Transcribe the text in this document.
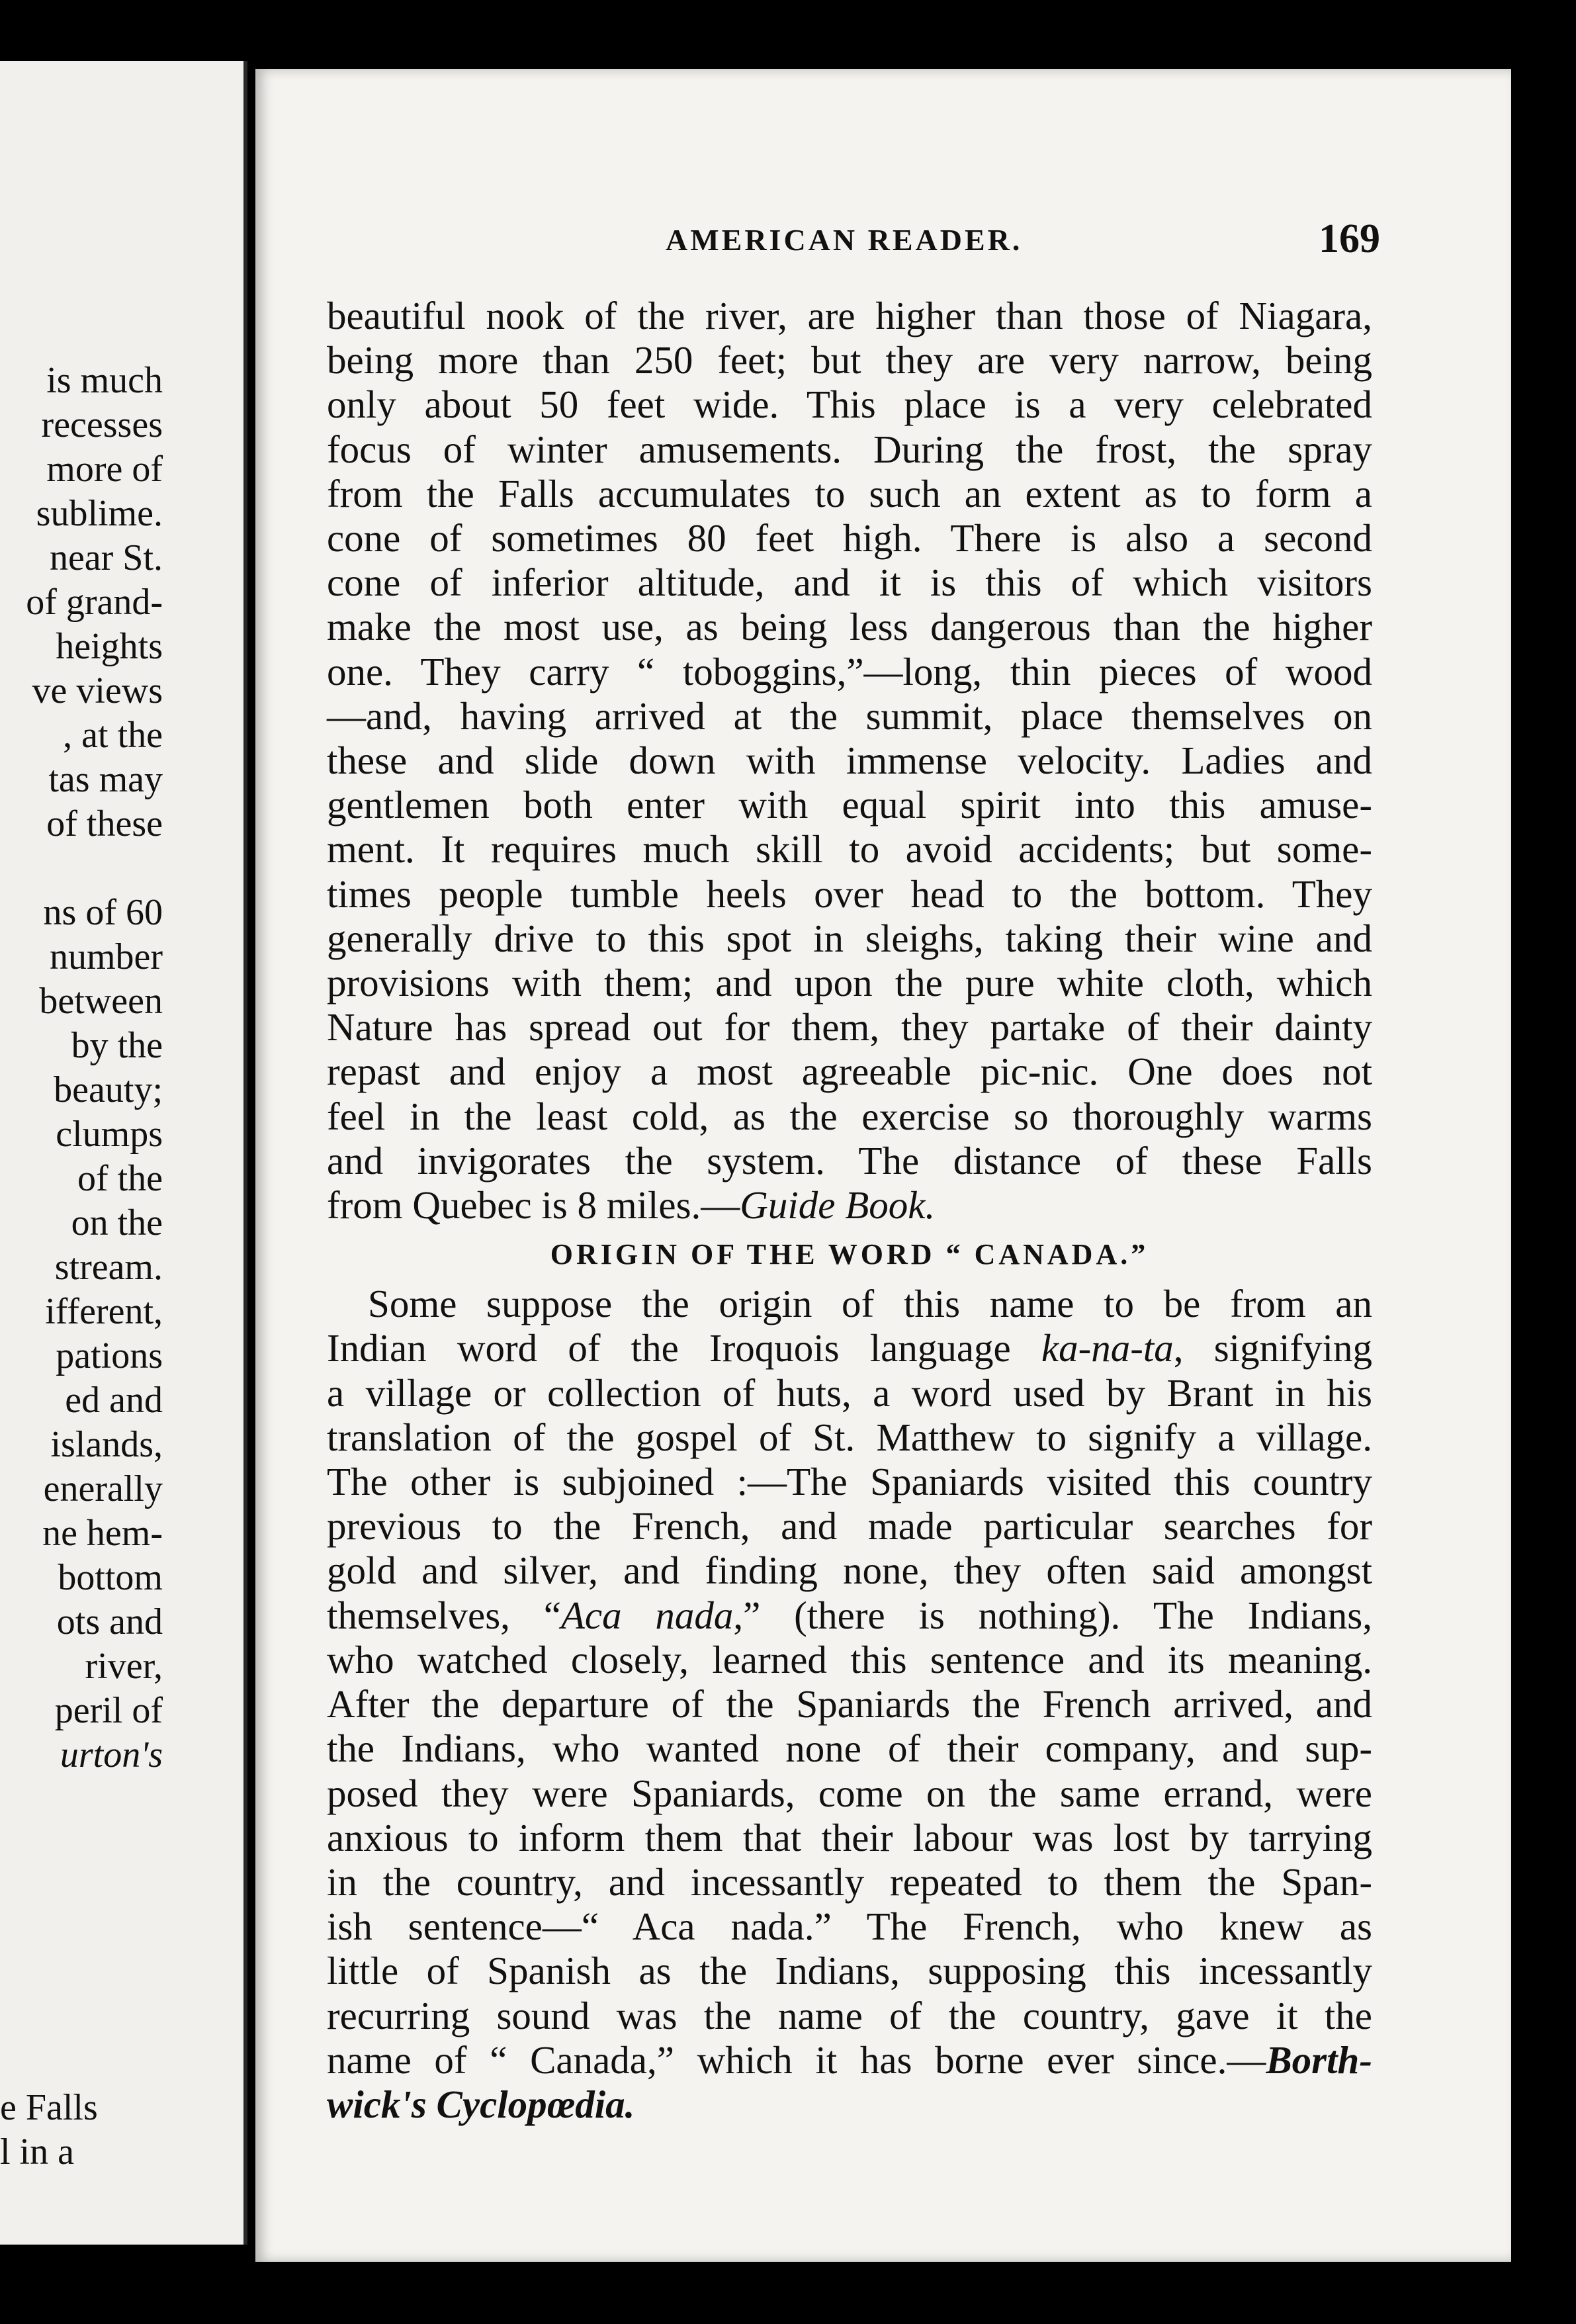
is much
recesses
more of
sublime.
near St.
of grand-
heights
ve views
, at the
tas may
of these

ns of 60
number
between
by the
beauty;
clumps
of the
on the
stream.
ifferent,
pations
ed and
islands,
enerally
ne hem-
bottom
ots and
river,
peril of
urton's
e Falls
l in a
AMERICAN READER.	169
beautiful nook of the river, are higher than those of Niagara,
being more than 250 feet; but they are very narrow, being
only about 50 feet wide. This place is a very celebrated
focus of winter amusements. During the frost, the spray
from the Falls accumulates to such an extent as to form a
cone of sometimes 80 feet high. There is also a second
cone of inferior altitude, and it is this of which visitors
make the most use, as being less dangerous than the higher
one. They carry “ toboggins,”—long, thin pieces of wood
—and, having arrived at the summit, place themselves on
these and slide down with immense velocity. Ladies and
gentlemen both enter with equal spirit into this amuse-
ment. It requires much skill to avoid accidents; but some-
times people tumble heels over head to the bottom. They
generally drive to this spot in sleighs, taking their wine and
provisions with them; and upon the pure white cloth, which
Nature has spread out for them, they partake of their dainty
repast and enjoy a most agreeable pic-nic. One does not
feel in the least cold, as the exercise so thoroughly warms
and invigorates the system. The distance of these Falls
from Quebec is 8 miles.—Guide Book.
ORIGIN OF THE WORD “ CANADA.”
Some suppose the origin of this name to be from an
Indian word of the Iroquois language ka-na-ta, signifying
a village or collection of huts, a word used by Brant in his
translation of the gospel of St. Matthew to signify a village.
The other is subjoined :—The Spaniards visited this country
previous to the French, and made particular searches for
gold and silver, and finding none, they often said amongst
themselves, “Aca nada,” (there is nothing). The Indians,
who watched closely, learned this sentence and its meaning.
After the departure of the Spaniards the French arrived, and
the Indians, who wanted none of their company, and sup-
posed they were Spaniards, come on the same errand, were
anxious to inform them that their labour was lost by tarrying
in the country, and incessantly repeated to them the Span-
ish sentence—“ Aca nada.” The French, who knew as
little of Spanish as the Indians, supposing this incessantly
recurring sound was the name of the country, gave it the
name of “ Canada,” which it has borne ever since.—Borth-
wick's Cyclopœdia.
